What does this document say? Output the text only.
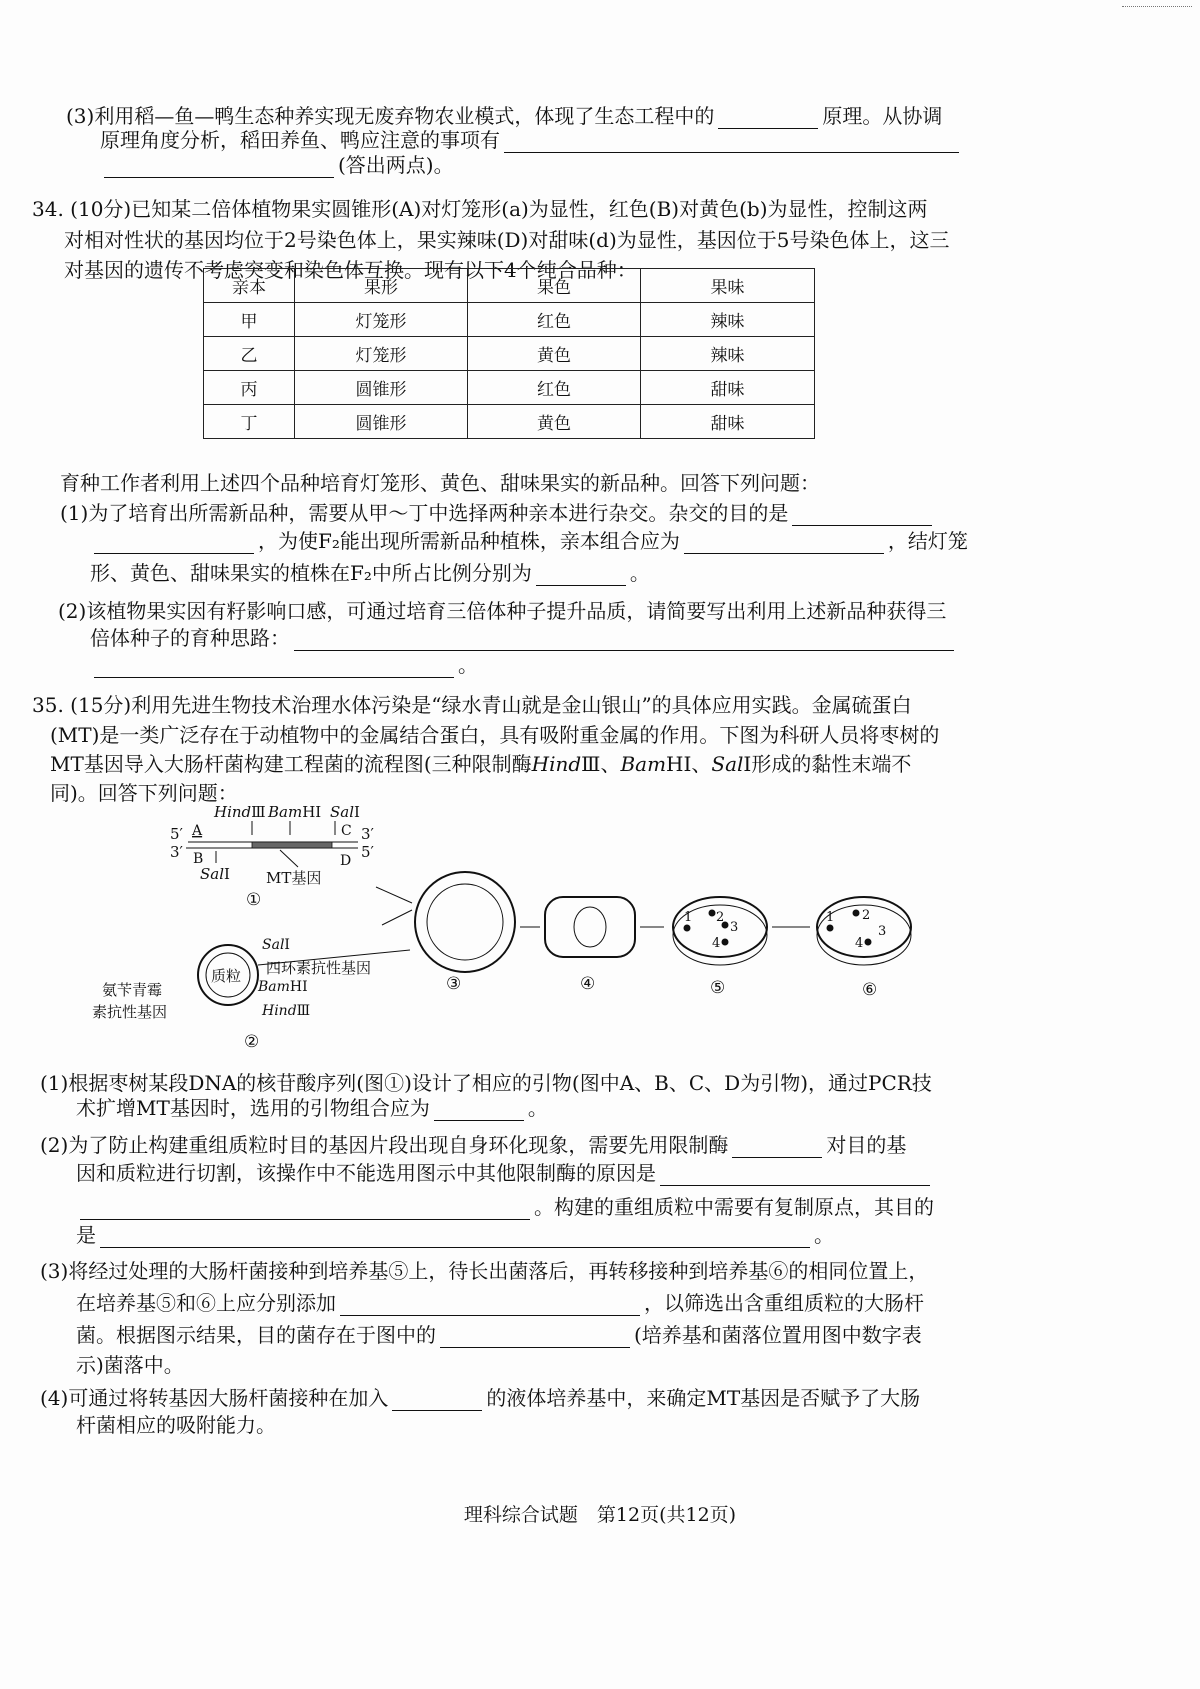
(3)利用稻—鱼—鸭生态种养实现无废弃物农业模式，体现了生态工程中的	原理。从协调
原理角度分析，稻田养鱼、鸭应注意的事项有
(答出两点)。
34. (10分)已知某二倍体植物果实圆锥形(A)对灯笼形(a)为显性，红色(B)对黄色(b)为显性，控制这两
对相对性状的基因均位于2号染色体上，果实辣味(D)对甜味(d)为显性，基因位于5号染色体上，这三
对基因的遗传不考虑突变和染色体互换。现有以下4个纯合品种：
亲本	果形	果色	果味
甲	灯笼形	红色	辣味
乙	灯笼形	黄色	辣味
丙	圆锥形	红色	甜味
丁	圆锥形	黄色	甜味
育种工作者利用上述四个品种培育灯笼形、黄色、甜味果实的新品种。回答下列问题：
(1)为了培育出所需新品种，需要从甲～丁中选择两种亲本进行杂交。杂交的目的是
，为使F₂能出现所需新品种植株，亲本组合应为	，结灯笼
形、黄色、甜味果实的植株在F₂中所占比例分别为	。
(2)该植物果实因有籽影响口感，可通过培育三倍体种子提升品质，请简要写出利用上述新品种获得三
倍体种子的育种思路：
。
35. (15分)利用先进生物技术治理水体污染是“绿水青山就是金山银山”的具体应用实践。金属硫蛋白
(MT)是一类广泛存在于动植物中的金属结合蛋白，具有吸附重金属的作用。下图为科研人员将枣树的
MT基因导入大肠杆菌构建工程菌的流程图(三种限制酶HindⅢ、BamHⅠ、SalⅠ形成的黏性末端不
同)。回答下列问题：
HindⅢ BamHⅠ SalⅠ
5′
3′
3′
5′
A	C
B	D
SalⅠ MT基因
①
质粒
SalⅠ
四环素抗性基因
BamHⅠ
HindⅢ
氨苄青霉
素抗性基因
②
③	④
1 2
3
4
⑤
1 2
3
4
⑥
(1)根据枣树某段DNA的核苷酸序列(图①)设计了相应的引物(图中A、B、C、D为引物)，通过PCR技
术扩增MT基因时，选用的引物组合应为	。
(2)为了防止构建重组质粒时目的基因片段出现自身环化现象，需要先用限制酶	对目的基
因和质粒进行切割，该操作中不能选用图示中其他限制酶的原因是
。构建的重组质粒中需要有复制原点，其目的
是	。
(3)将经过处理的大肠杆菌接种到培养基⑤上，待长出菌落后，再转移接种到培养基⑥的相同位置上，
在培养基⑤和⑥上应分别添加	，以筛选出含重组质粒的大肠杆
菌。根据图示结果，目的菌存在于图中的	(培养基和菌落位置用图中数字表
示)菌落中。
(4)可通过将转基因大肠杆菌接种在加入	的液体培养基中，来确定MT基因是否赋予了大肠
杆菌相应的吸附能力。
理科综合试题　第12页(共12页)
